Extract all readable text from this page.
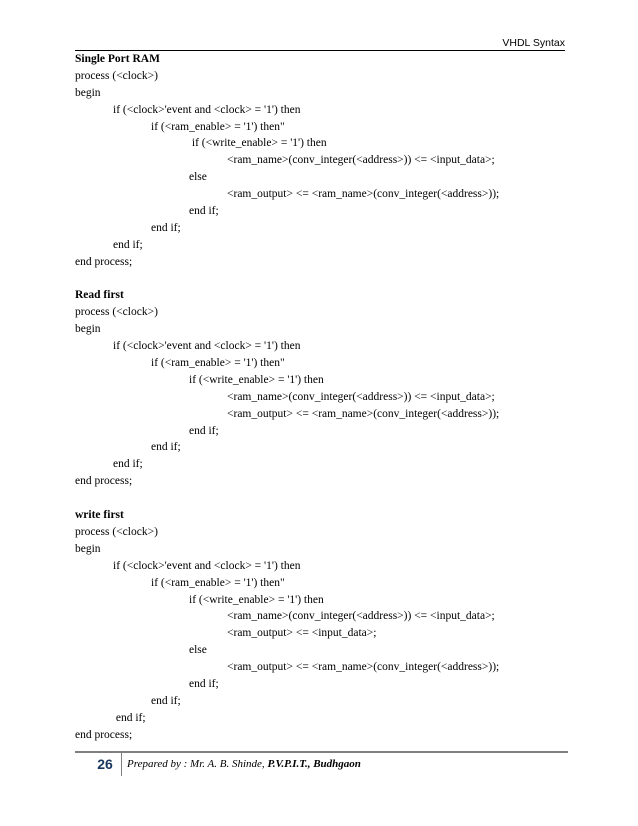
VHDL Syntax
Single Port RAM
process (<clock>)
begin
if (<clock>'event and <clock> = '1') then
if (<ram_enable> = '1') then"
if (<write_enable> = '1') then
<ram_name>(conv_integer(<address>)) <= <input_data>;
else
<ram_output> <= <ram_name>(conv_integer(<address>));
end if;
end if;
end if;
end process;
Read first
process (<clock>)
begin
if (<clock>'event and <clock> = '1') then
if (<ram_enable> = '1') then"
if (<write_enable> = '1') then
<ram_name>(conv_integer(<address>)) <= <input_data>;
<ram_output> <= <ram_name>(conv_integer(<address>));
end if;
end if;
end if;
end process;
write first
process (<clock>)
begin
if (<clock>'event and <clock> = '1') then
if (<ram_enable> = '1') then"
if (<write_enable> = '1') then
<ram_name>(conv_integer(<address>)) <= <input_data>;
<ram_output> <= <input_data>;
else
<ram_output> <= <ram_name>(conv_integer(<address>));
end if;
end if;
end if;
end process;
26	Prepared by : Mr. A. B. Shinde, P.V.P.I.T., Budhgaon
